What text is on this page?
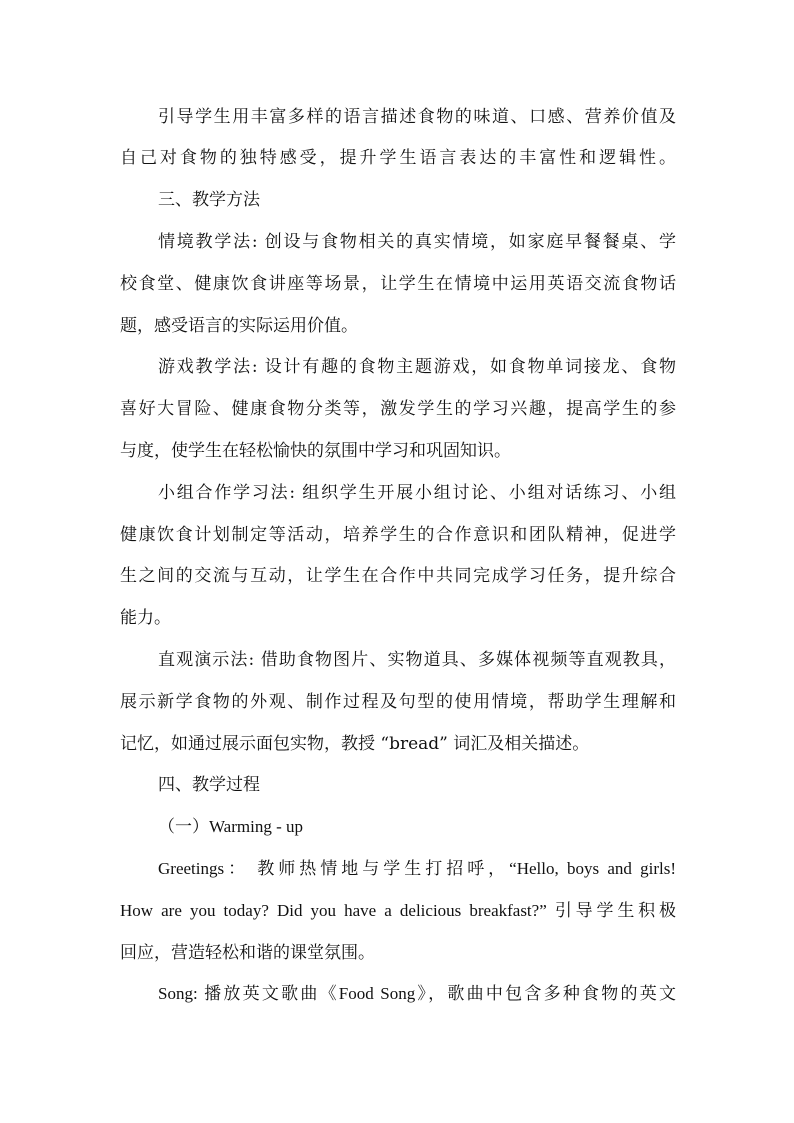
引导学生用丰富多样的语言描述食物的味道、口感、营养价值及
自己对食物的独特感受，提升学生语言表达的丰富性和逻辑性。
三、教学方法
情境教学法: 创设与食物相关的真实情境，如家庭早餐餐桌、学
校食堂、健康饮食讲座等场景，让学生在情境中运用英语交流食物话
题，感受语言的实际运用价值。
游戏教学法: 设计有趣的食物主题游戏，如食物单词接龙、食物
喜好大冒险、健康食物分类等，激发学生的学习兴趣，提高学生的参
与度，使学生在轻松愉快的氛围中学习和巩固知识。
小组合作学习法: 组织学生开展小组讨论、小组对话练习、小组
健康饮食计划制定等活动，培养学生的合作意识和团队精神，促进学
生之间的交流与互动，让学生在合作中共同完成学习任务，提升综合
能力。
直观演示法: 借助食物图片、实物道具、多媒体视频等直观教具，
展示新学食物的外观、制作过程及句型的使用情境，帮助学生理解和
记忆，如通过展示面包实物，教授 “bread” 词汇及相关描述。
四、教学过程
（一）Warming - up
Greetings： 教师热情地与学生打招呼，“Hello, boys and girls!
How are you today? Did you have a delicious breakfast?” 引导学生积极
回应，营造轻松和谐的课堂氛围。
Song: 播放英文歌曲《Food Song》，歌曲中包含多种食物的英文
